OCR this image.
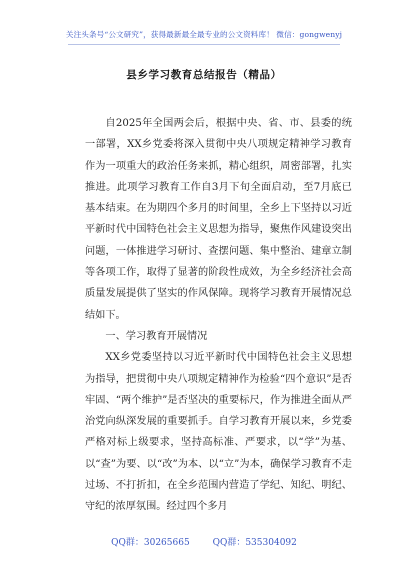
关注头条号“公文研究”，获得最新最全最专业的公文资料库！ 微信：gongwenyj
县乡学习教育总结报告（精品）

自2025年全国两会后，根据中央、省、市、县委的统一部署，XX乡党委将深入贯彻中央八项规定精神学习教育作为一项重大的政治任务来抓，精心组织，周密部署，扎实推进。此项学习教育工作自3月下旬全面启动，至7月底已基本结束。在为期四个多月的时间里，全乡上下坚持以习近平新时代中国特色社会主义思想为指导，聚焦作风建设突出问题，一体推进学习研讨、查摆问题、集中整治、建章立制等各项工作，取得了显著的阶段性成效，为全乡经济社会高质量发展提供了坚实的作风保障。现将学习教育开展情况总结如下。

一、学习教育开展情况

XX乡党委坚持以习近平新时代中国特色社会主义思想为指导，把贯彻中央八项规定精神作为检验“四个意识”是否牢固、“两个维护”是否坚决的重要标尺，作为推进全面从严治党向纵深发展的重要抓手。自学习教育开展以来，乡党委严格对标上级要求，坚持高标准、严要求，以“学”为基、以“查”为要、以“改”为本、以“立”为本，确保学习教育不走过场、不打折扣，在全乡范围内营造了学纪、知纪、明纪、守纪的浓厚氛围。经过四个多月

QQ群：30265665	QQ群：535304092
